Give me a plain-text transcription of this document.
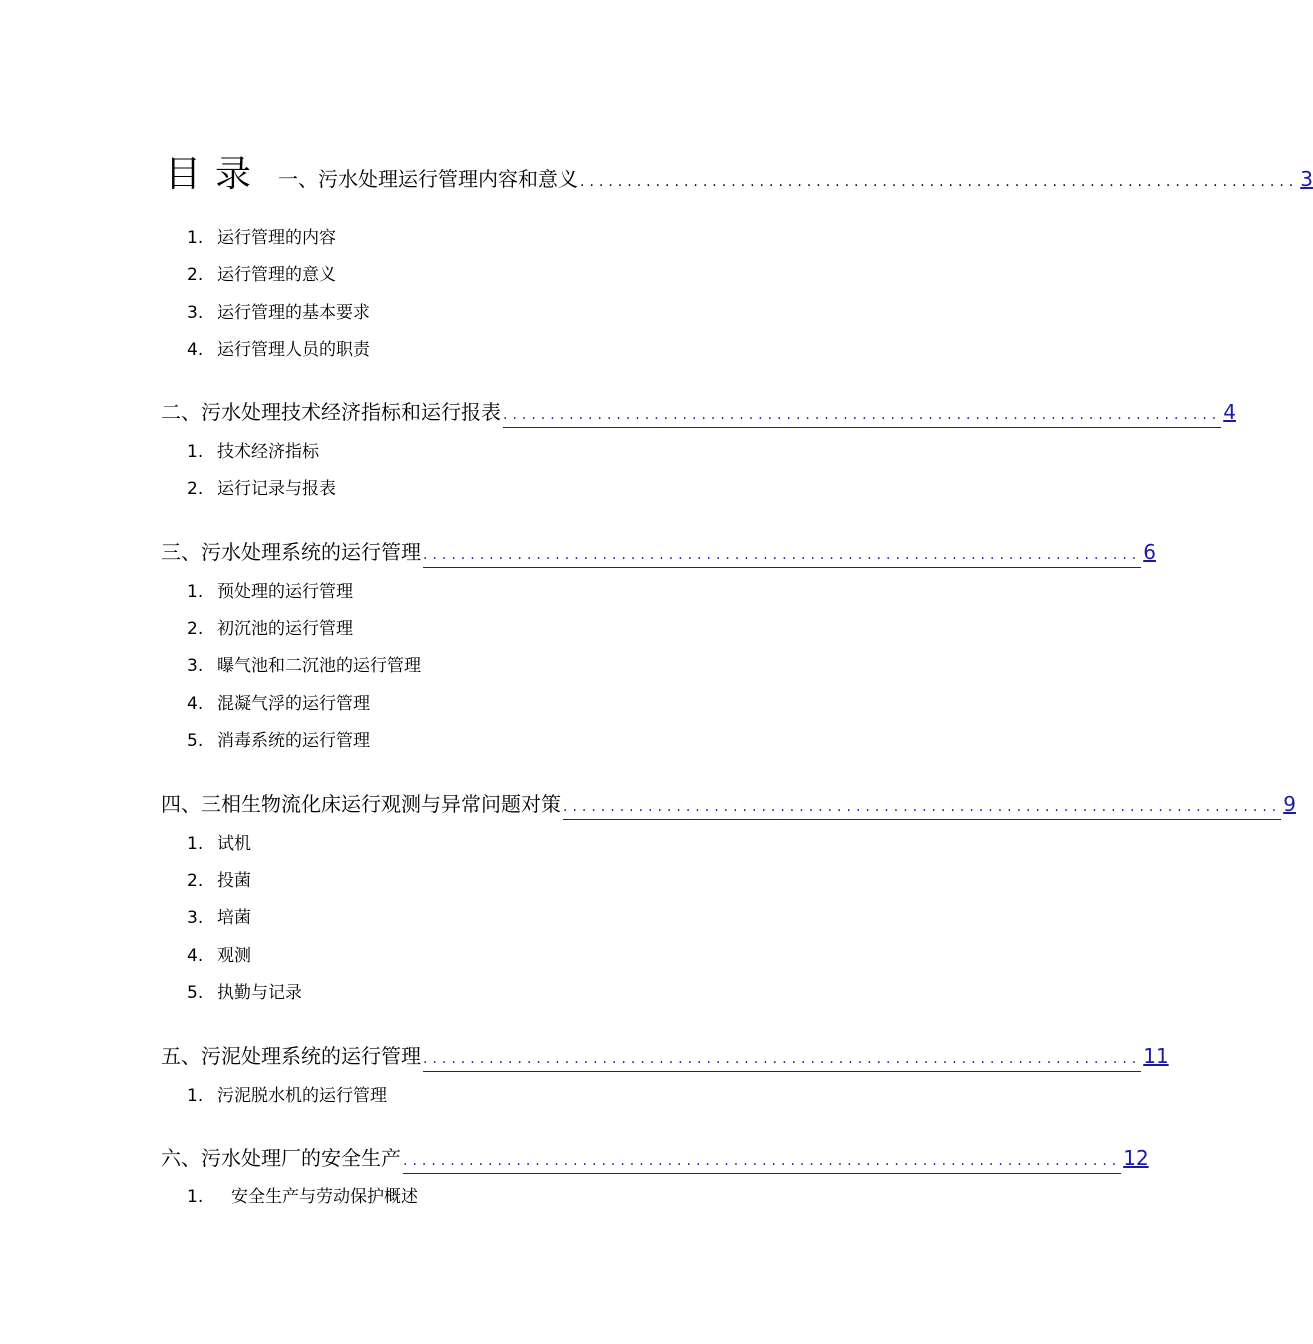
目 录 一、污水处理运行管理内容和意义 ............................................................................ 3
1. 运行管理的内容
2. 运行管理的意义
3. 运行管理的基本要求
4. 运行管理人员的职责
二、污水处理技术经济指标和运行报表 ............................................................................ 4
1. 技术经济指标
2. 运行记录与报表
三、污水处理系统的运行管理 ............................................................................ 6
1. 预处理的运行管理
2. 初沉池的运行管理
3. 曝气池和二沉池的运行管理
4. 混凝气浮的运行管理
5. 消毒系统的运行管理
四、三相生物流化床运行观测与异常问题对策 ............................................................................ 9
1. 试机
2. 投菌
3. 培菌
4. 观测
5. 执勤与记录
五、污泥处理系统的运行管理 ............................................................................ 11
1. 污泥脱水机的运行管理
六、污水处理厂的安全生产 ............................................................................ 12
1. 安全生产与劳动保护概述
